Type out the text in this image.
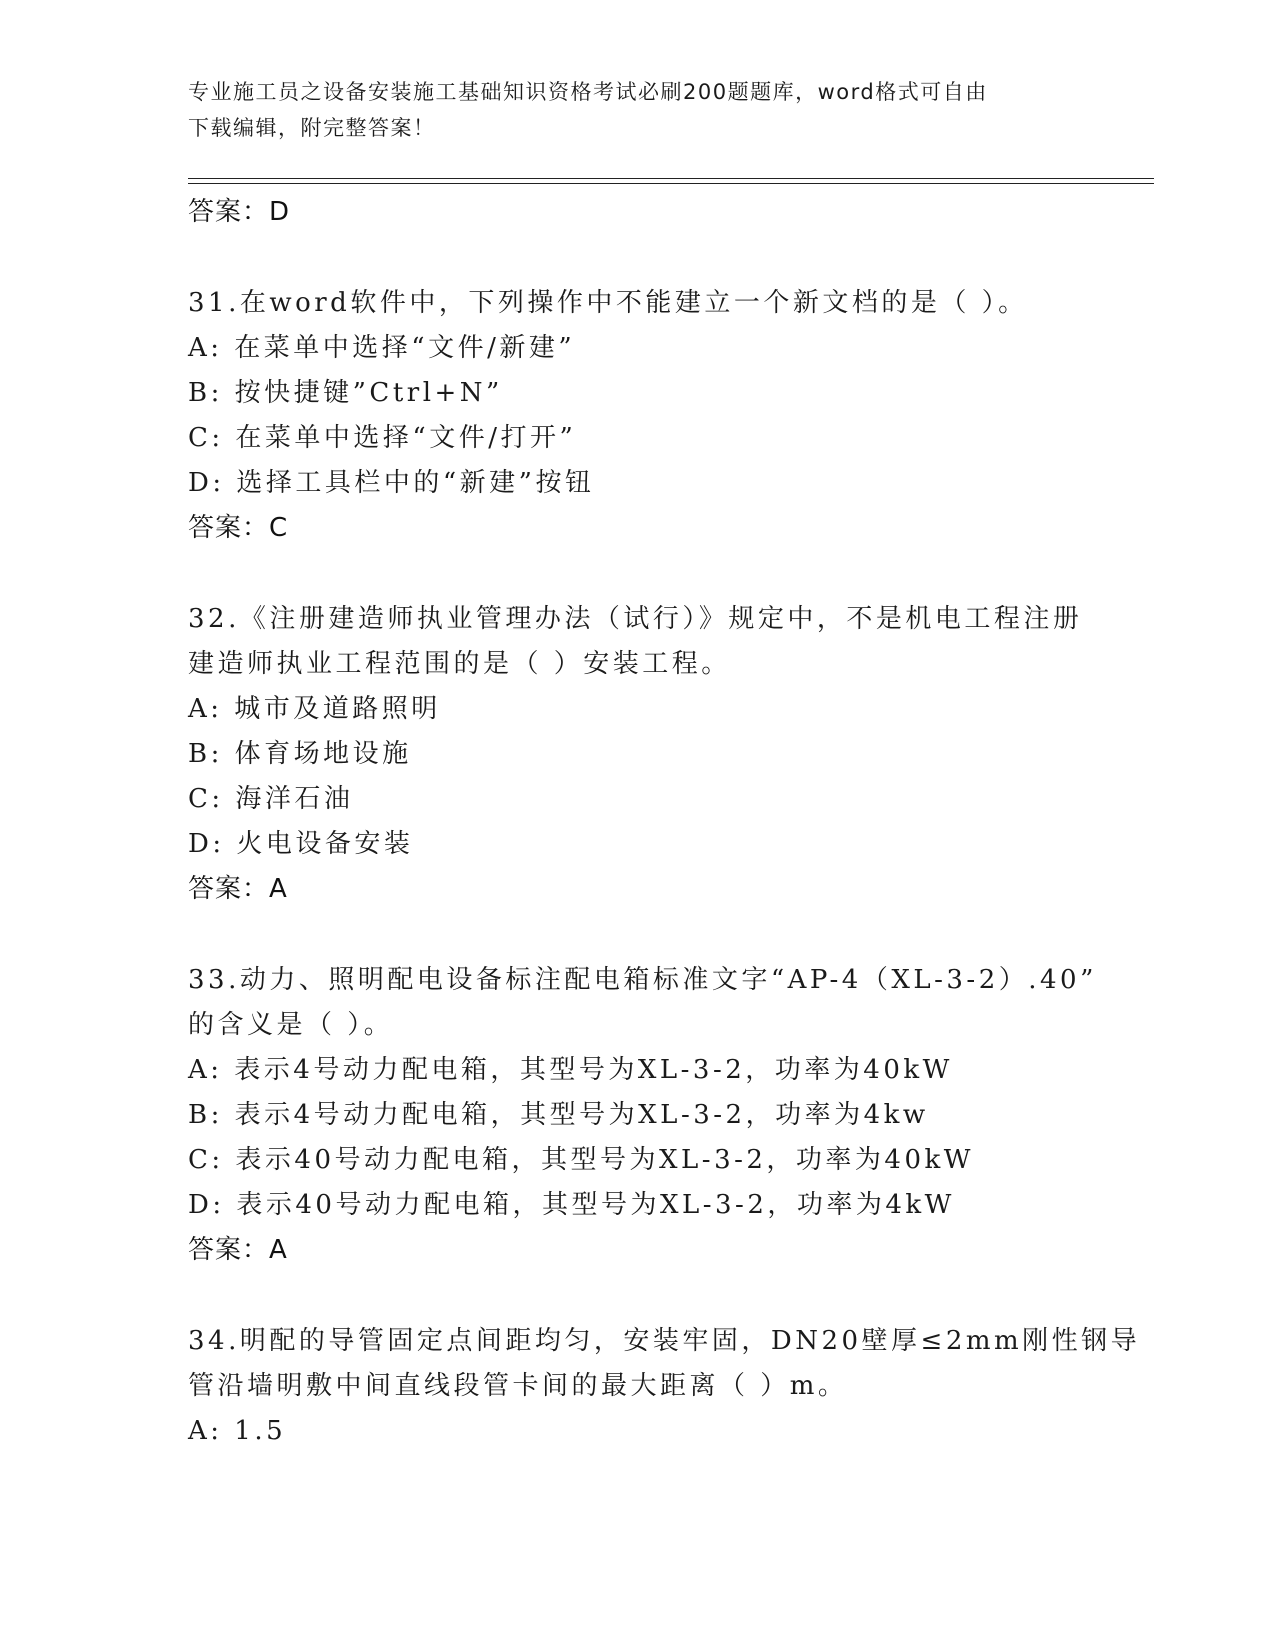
专业施工员之设备安装施工基础知识资格考试必刷200题题库，word格式可自由
下载编辑，附完整答案！
答案：D
31.在word软件中，下列操作中不能建立一个新文档的是（ ）。
A: 在菜单中选择“文件/新建”
B: 按快捷键”Ctrl+N”
C: 在菜单中选择“文件/打开”
D: 选择工具栏中的“新建”按钮
答案：C
32.《注册建造师执业管理办法（试行）》规定中，不是机电工程注册
建造师执业工程范围的是（ ）安装工程。
A: 城市及道路照明
B: 体育场地设施
C: 海洋石油
D: 火电设备安装
答案：A
33.动力、照明配电设备标注配电箱标准文字“AP-4（XL-3-2）.40”
的含义是（ ）。
A: 表示4号动力配电箱，其型号为XL-3-2，功率为40kW
B: 表示4号动力配电箱，其型号为XL-3-2，功率为4kw
C: 表示40号动力配电箱，其型号为XL-3-2，功率为40kW
D: 表示40号动力配电箱，其型号为XL-3-2，功率为4kW
答案：A
34.明配的导管固定点间距均匀，安装牢固，DN20壁厚≤2mm刚性钢导
管沿墙明敷中间直线段管卡间的最大距离（ ）m。
A: 1.5
